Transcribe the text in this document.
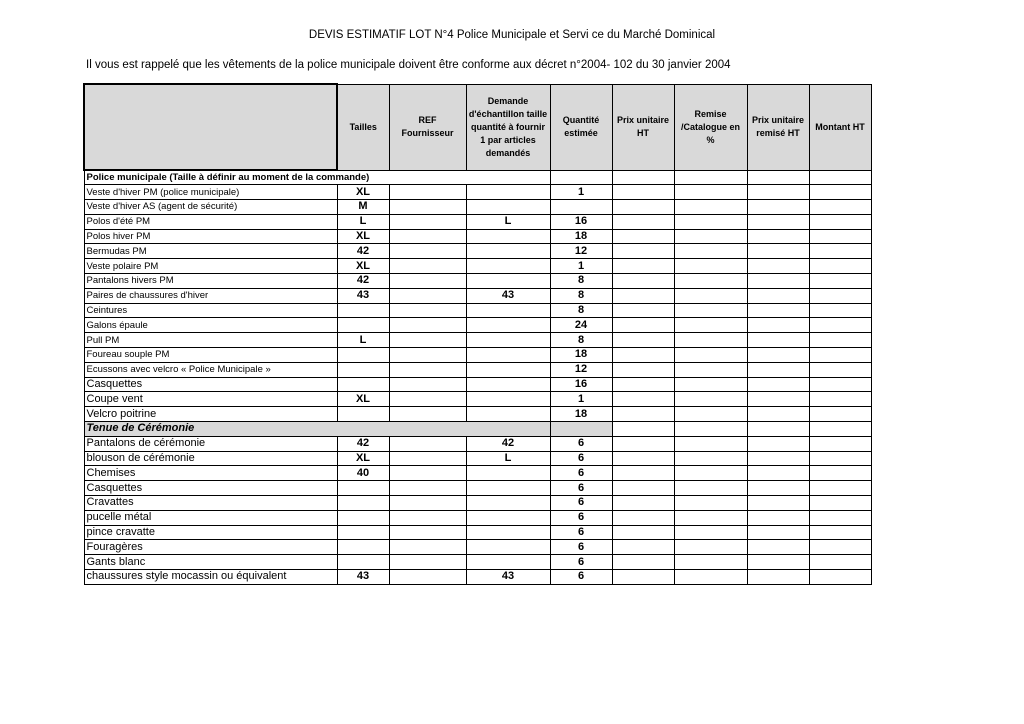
DEVIS ESTIMATIF LOT N°4 Police Municipale et Servi ce du Marché Dominical
Il vous est rappelé que les vêtements de la police municipale doivent être conforme aux décret n°2004- 102 du 30 janvier 2004
	Tailles	REF Fournisseur	Demande d'échantillon taille quantité à fournir 1 par articles demandés	Quantité estimée	Prix unitaire HT	Remise /Catalogue en %	Prix unitaire remisé HT	Montant HT
Police municipale (Taille à définir au moment de la commande)								
Veste d'hiver PM (police municipale)	XL			1				
Veste d'hiver AS (agent de sécurité)	M							
Polos d'été PM	L		L	16				
Polos hiver PM	XL			18				
Bermudas PM	42			12				
Veste polaire PM	XL			1				
Pantalons hivers PM	42			8				
Paires de chaussures d'hiver	43		43	8				
Ceintures				8				
Galons épaule				24				
Pull PM	L			8				
Foureau souple PM				18				
Ecussons avec velcro « Police Municipale »				12				
Casquettes				16				
Coupe vent	XL			1				
Velcro poitrine				18				
Tenue de Cérémonie								
Pantalons de cérémonie	42		42	6				
blouson de cérémonie	XL		L	6				
Chemises	40			6				
Casquettes				6				
Cravattes				6				
pucelle métal				6				
pince cravatte				6				
Fouragères				6				
Gants blanc				6				
chaussures style mocassin ou équivalent	43		43	6				
